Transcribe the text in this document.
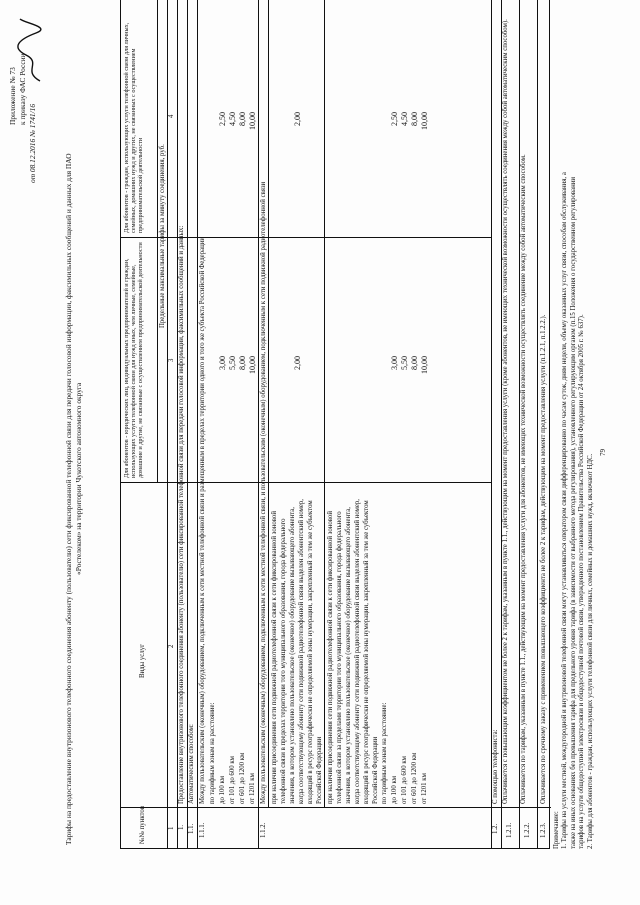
Приложение № 73 к приказу ФАС России
от 08.12.2016 № 1741/16
Тарифы на предоставление внутризонового телефонного соединения абоненту (пользователю) сети фиксированной телефонной связи для передачи голосовой информации, факсимильных сообщений и данных для ПАО «Ростелеком» на территории Чукотского автономного округа
№№ пунктов
Виды услуг
Для абонентов - юридических лиц, индивидуальных предпринимателей и граждан, использующих услуги телефонной связи для нужд иных, чем личные, семейные, домашние и другие, не связанные с осуществлением предпринимательской деятельности
Для абонентов - граждан, использующих услуги телефонной связи для личных, семейных, домашних нужд и других, не связанных с осуществлением предпринимательской деятельности Предельные максимальные тарифы за минуту соединения, руб.
1
2
3
4
1.
Предоставление внутризонового телефонного соединения абоненту (пользователю) сети фиксированной телефонной связи для передачи голосовой информации, факсимильных сообщений и данных:
1.1.
Автоматическим способом:
1.1.1.
Между пользовательским (оконечным) оборудованием, подключенным к сети местной телефонной связи и размещенным в пределах территории одного и того же субъекта Российской Федерации по тарифным зонам на расстояние: до 100 км от 101 до 600 км от 601 до 1200 км от 1201 км
3,00 5,50 8,00 10,00
2,50 4,50 8,00 10,00
1.1.2.
Между пользовательским (оконечным) оборудованием, подключенным к сети местной телефонной связи, и пользовательским (оконечным) оборудованием, подключенным к сети подвижной радиотелефонной связи при наличии присоединения сети подвижной радиотелефонной связи к сети фиксированной зоновой телефонной связи в пределах территории того муниципального образования, города федерального значения, в котором установлено пользовательское (оконечное) оборудование вызывающего абонента, когда соответствующему абоненту сети подвижной радиотелефонной связи выделен абонентский номер, входящий в ресурс географически не определяемой зоны нумерации, закрепленный за тем же субъектом Российской Федерации
2,00
2,00
при наличии присоединения сети подвижной радиотелефонной связи к сети фиксированной зоновой телефонной связи за пределами территории того муниципального образования, города федерального значения, в котором установлено пользовательское (оконечное) оборудование вызывающего абонента, когда соответствующему абоненту сети подвижной радиотелефонной связи выделен абонентский номер, входящий в ресурс географически не определяемой зоны нумерации, закрепленный за тем же субъектом Российской Федерации по тарифным зонам на расстояние: до 100 км от 101 до 600 км от 601 до 1200 км от 1201 км
3,00 5,50 8,00 10,00
2,50 4,50 8,00 10,00
1.2.
С помощью телефониста:
1.2.1.
Оплачивается с повышающим коэффициентом не более 2 к тарифам, указанным в пункте 1.1., действующим на момент предоставления услуги (кроме абонентов, не имеющих технической возможности осуществлять соединения между собой автоматическим способом).
1.2.2.
Оплачивается по тарифам, указанным в пункте 1.1., действующим на момент предоставления услуги для абонентов, не имеющих технической возможности осуществлять соединение между собой автоматическим способом.
1.2.3.
Оплачивается по срочному заказу с применением повышающего коэффициента не более 2 к тарифам, действующим на момент предоставления услуги (п.1.2.1, п.1.2.2.).
Примечание: 1. Тарифы на услуги местной, междугородной и внутризоновой телефонной связи могут устанавливаться оператором связи дифференцированно по часам суток, дням недели, объему оказанных услуг связи, способам обслуживания, а также на иных основаниях без превышения тарифа для предельного уровня тарифа (в зависимости от выбранного метода регулирования), установленного регулирующим органом (п.15 Положения о государственном регулировании тарифов на услуги общедоступной электросвязи и общедоступной почтовой связи, утвержденного постановлением Правительства Российской Федерации от 24 октября 2005 г. № 637). 2. Тарифы для абонентов - граждан, использующих услуги телефонной связи для личных, семейных и домашних нужд, включают НДС.
79
